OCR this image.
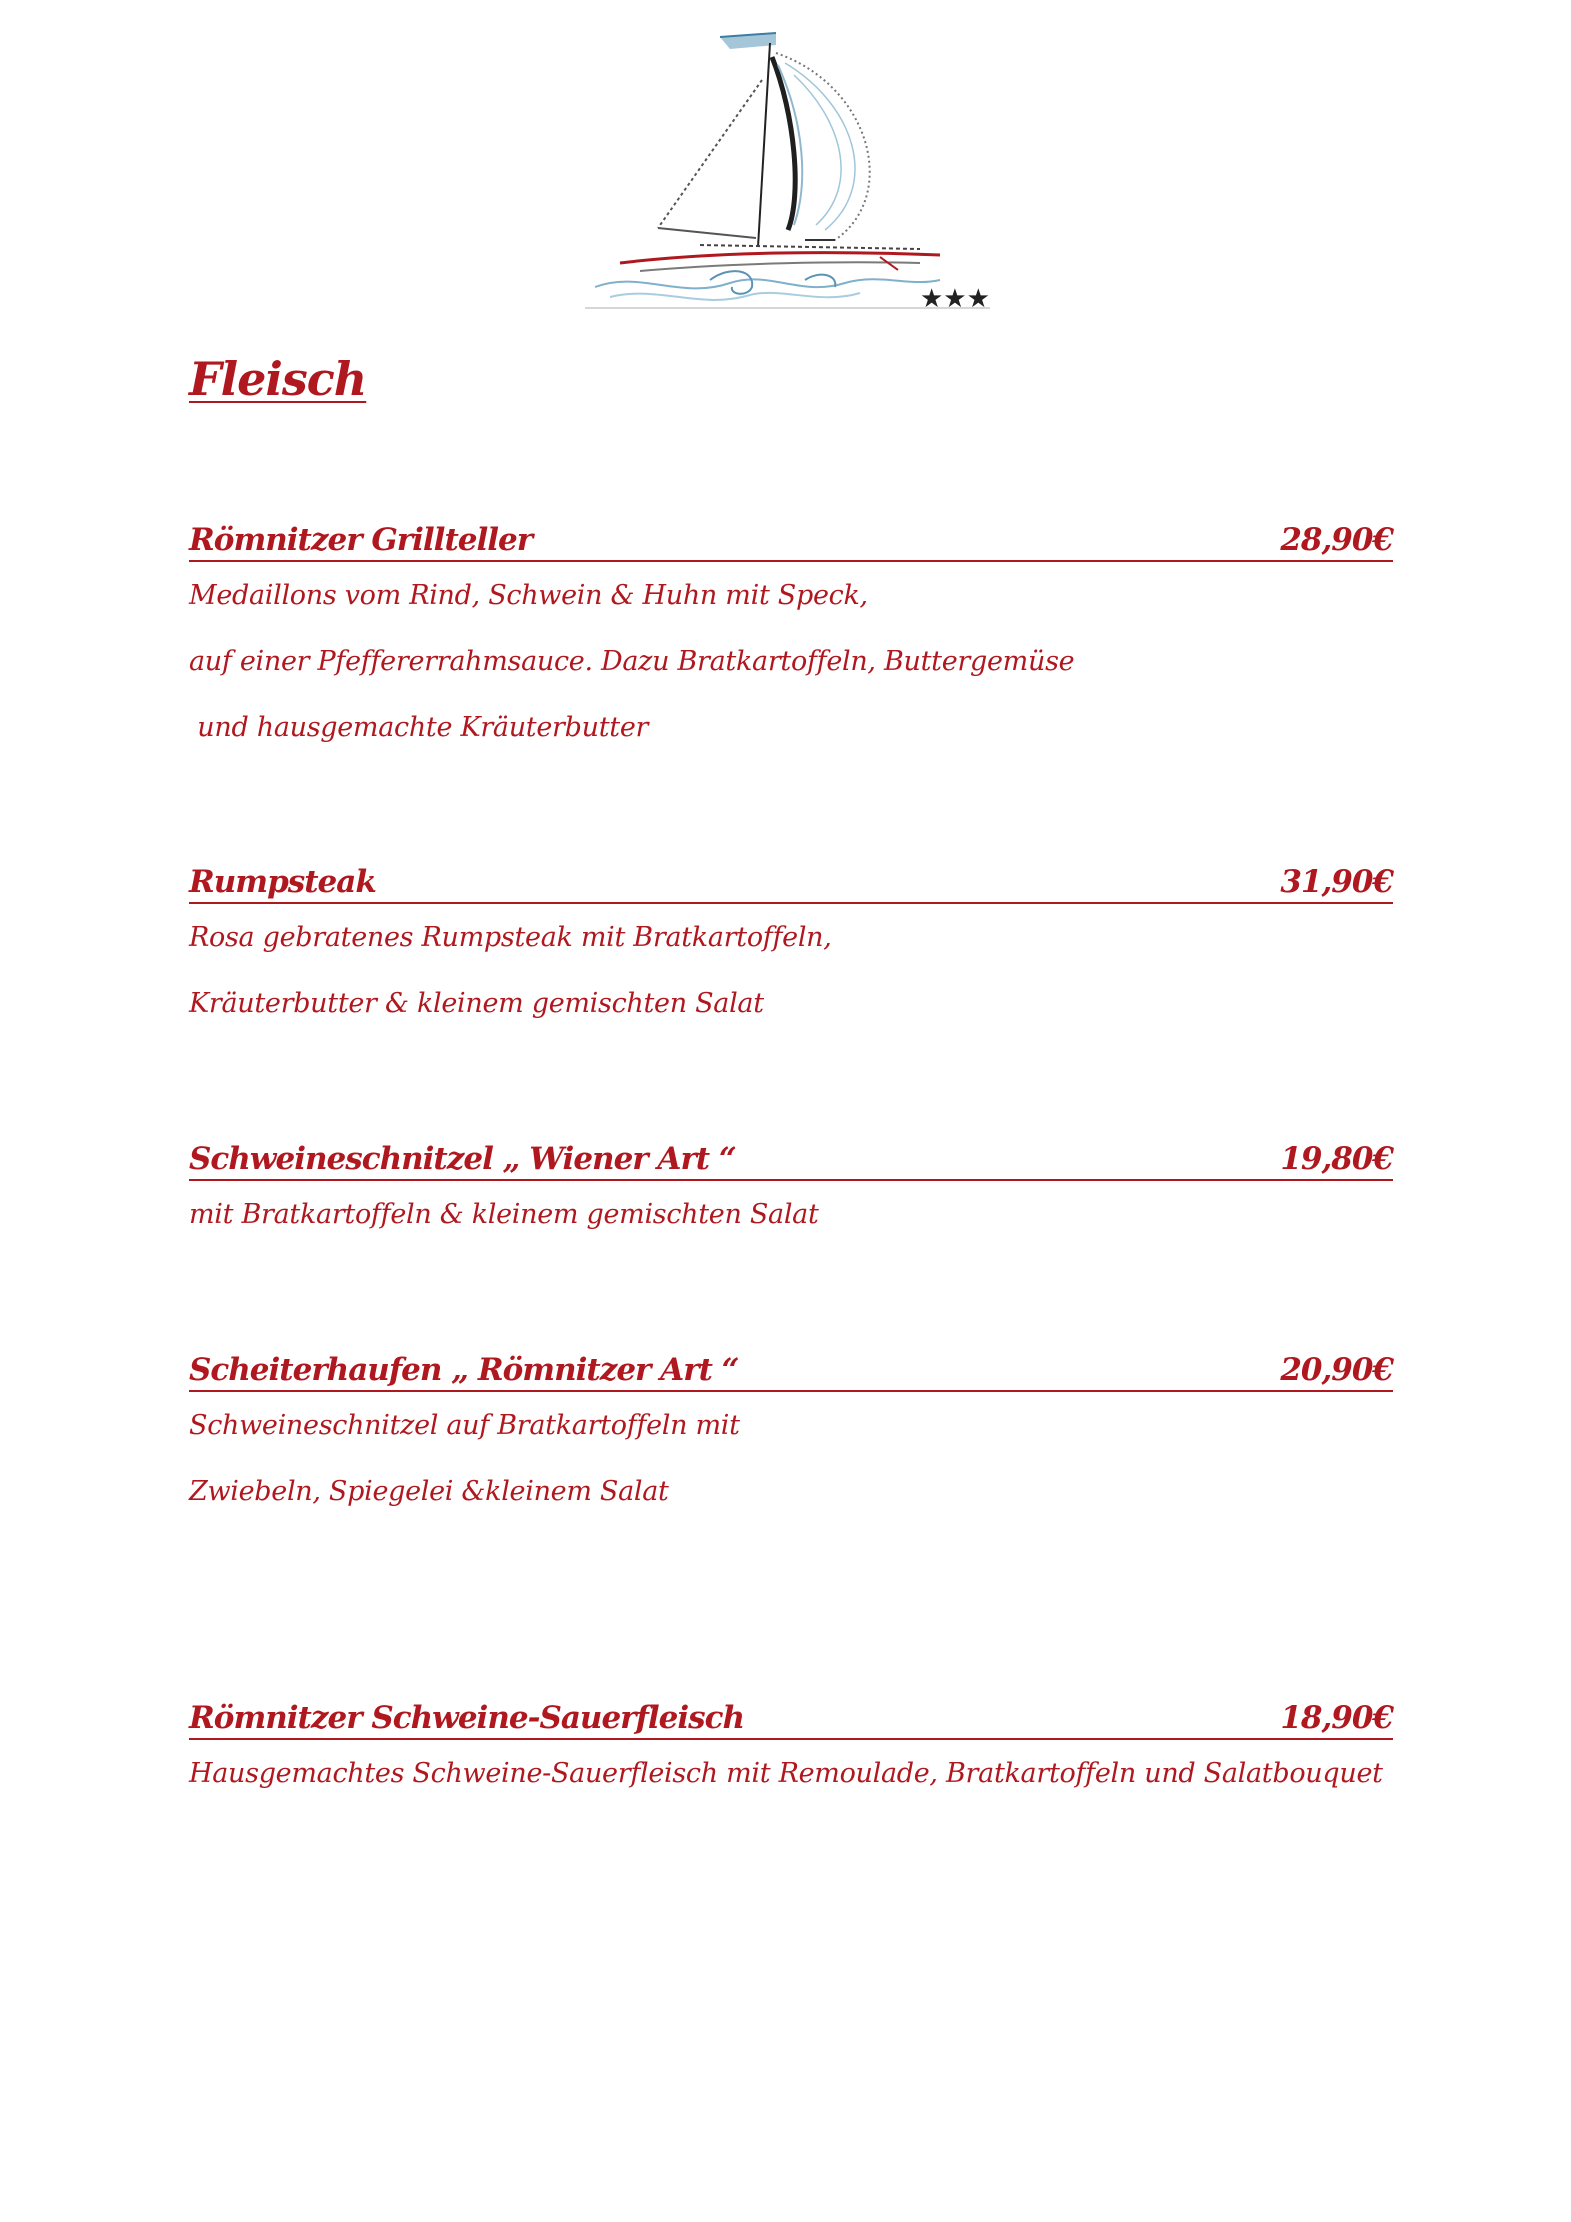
★★★
Fleisch
Römnitzer Grillteller	28,90€
Medaillons vom Rind, Schwein & Huhn mit Speck,
auf einer Pfeffererrahmsauce. Dazu Bratkartoffeln, Buttergemüse
und hausgemachte Kräuterbutter
Rumpsteak	31,90€
Rosa gebratenes Rumpsteak mit Bratkartoffeln,
Kräuterbutter & kleinem gemischten Salat
Schweineschnitzel „ Wiener Art “	19,80€
mit Bratkartoffeln & kleinem gemischten Salat
Scheiterhaufen „ Römnitzer Art “	20,90€
Schweineschnitzel auf Bratkartoffeln mit
Zwiebeln, Spiegelei &kleinem Salat
Römnitzer Schweine-Sauerfleisch	18,90€
Hausgemachtes Schweine-Sauerfleisch mit Remoulade, Bratkartoffeln und Salatbouquet
